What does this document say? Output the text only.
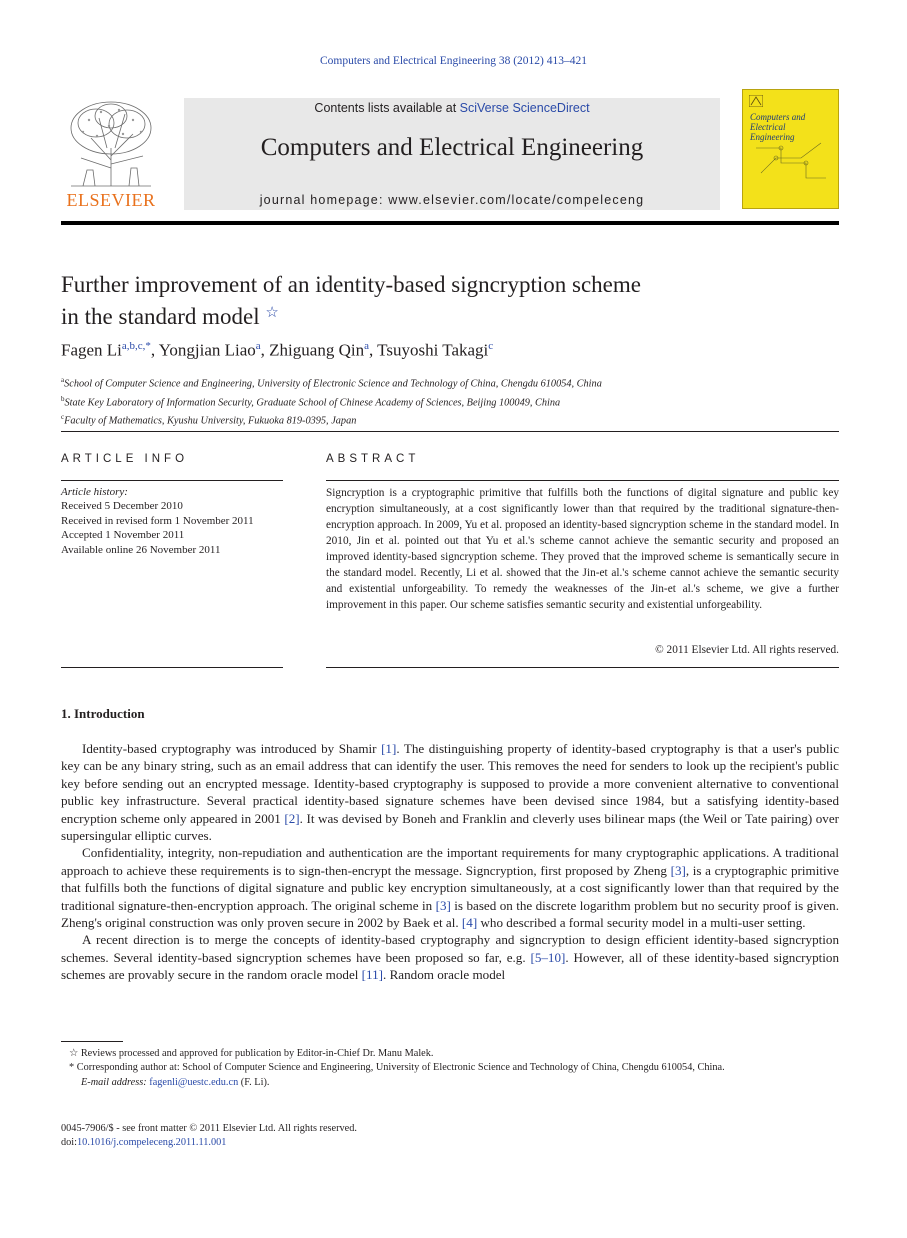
Computers and Electrical Engineering 38 (2012) 413–421
ELSEVIER
Contents lists available at SciVerse ScienceDirect
Computers and Electrical Engineering
journal homepage: www.elsevier.com/locate/compeleceng
Computers and Electrical Engineering
Further improvement of an identity-based signcryption scheme
in the standard model ☆
Fagen $Li^{a,b,c,*}$, Yongjian Liao$^a$, Zhiguang Qin$^a$, Tsuyoshi Takagi$^c$
$^a$School of Computer Science and Engineering, University of Electronic Science and Technology of China, Chengdu 610054, China
$^b$State Key Laboratory of Information Security, Graduate School of Chinese Academy of Sciences, Beijing 100049, China
$^c$Faculty of Mathematics, Kyushu University, Fukuoka 819-0395, Japan
ARTICLE INFO
Article history:
Received 5 December 2010
Received in revised form 1 November 2011
Accepted 1 November 2011
Available online 26 November 2011
ABSTRACT
Signcryption is a cryptographic primitive that fulfills both the functions of digital signature and public key encryption simultaneously, at a cost significantly lower than that required by the traditional signature-then-encryption approach. In 2009, Yu et al. proposed an identity-based signcryption scheme in the standard model. In 2010, Jin et al. pointed out that Yu et al.'s scheme cannot achieve the semantic security and proposed an improved identity-based signcryption scheme. They proved that the improved scheme is semantically secure in the standard model. Recently, Li et al. showed that the Jin-et al.'s scheme cannot achieve the semantic security and existential unforgeability. To remedy the weaknesses of the Jin-et al.'s scheme, we give a further improvement in this paper. Our scheme satisfies semantic security and existential unforgeability.
© 2011 Elsevier Ltd. All rights reserved.
1. Introduction

Identity-based cryptography was introduced by Shamir [1]. The distinguishing property of identity-based cryptography is that a user's public key can be any binary string, such as an email address that can identify the user. This removes the need for senders to look up the recipient's public key before sending out an encrypted message. Identity-based cryptography is supposed to provide a more convenient alternative to conventional public key infrastructure. Several practical identity-based signature schemes have been devised since 1984, but a satisfying identity-based encryption scheme only appeared in 2001 [2]. It was devised by Boneh and Franklin and cleverly uses bilinear maps (the Weil or Tate pairing) over supersingular elliptic curves.

Confidentiality, integrity, non-repudiation and authentication are the important requirements for many cryptographic applications. A traditional approach to achieve these requirements is to sign-then-encrypt the message. Signcryption, first proposed by Zheng [3], is a cryptographic primitive that fulfills both the functions of digital signature and public key encryption simultaneously, at a cost significantly lower than that required by the traditional signature-then-encryption approach. The original scheme in [3] is based on the discrete logarithm problem but no security proof is given. Zheng's original construction was only proven secure in 2002 by Baek et al. [4] who described a formal security model in a multi-user setting.

A recent direction is to merge the concepts of identity-based cryptography and signcryption to design efficient identity-based signcryption schemes. Several identity-based signcryption schemes have been proposed so far, e.g. [5–10]. However, all of these identity-based signcryption schemes are provably secure in the random oracle model [11]. Random oracle model

☆ Reviews processed and approved for publication by Editor-in-Chief Dr. Manu Malek.
* Corresponding author at: School of Computer Science and Engineering, University of Electronic Science and Technology of China, Chengdu 610054, China.
E-mail address: fagenli@uestc.edu.cn (F. Li).
0045-7906/$ - see front matter © 2011 Elsevier Ltd. All rights reserved.
doi:10.1016/j.compeleceng.2011.11.001
